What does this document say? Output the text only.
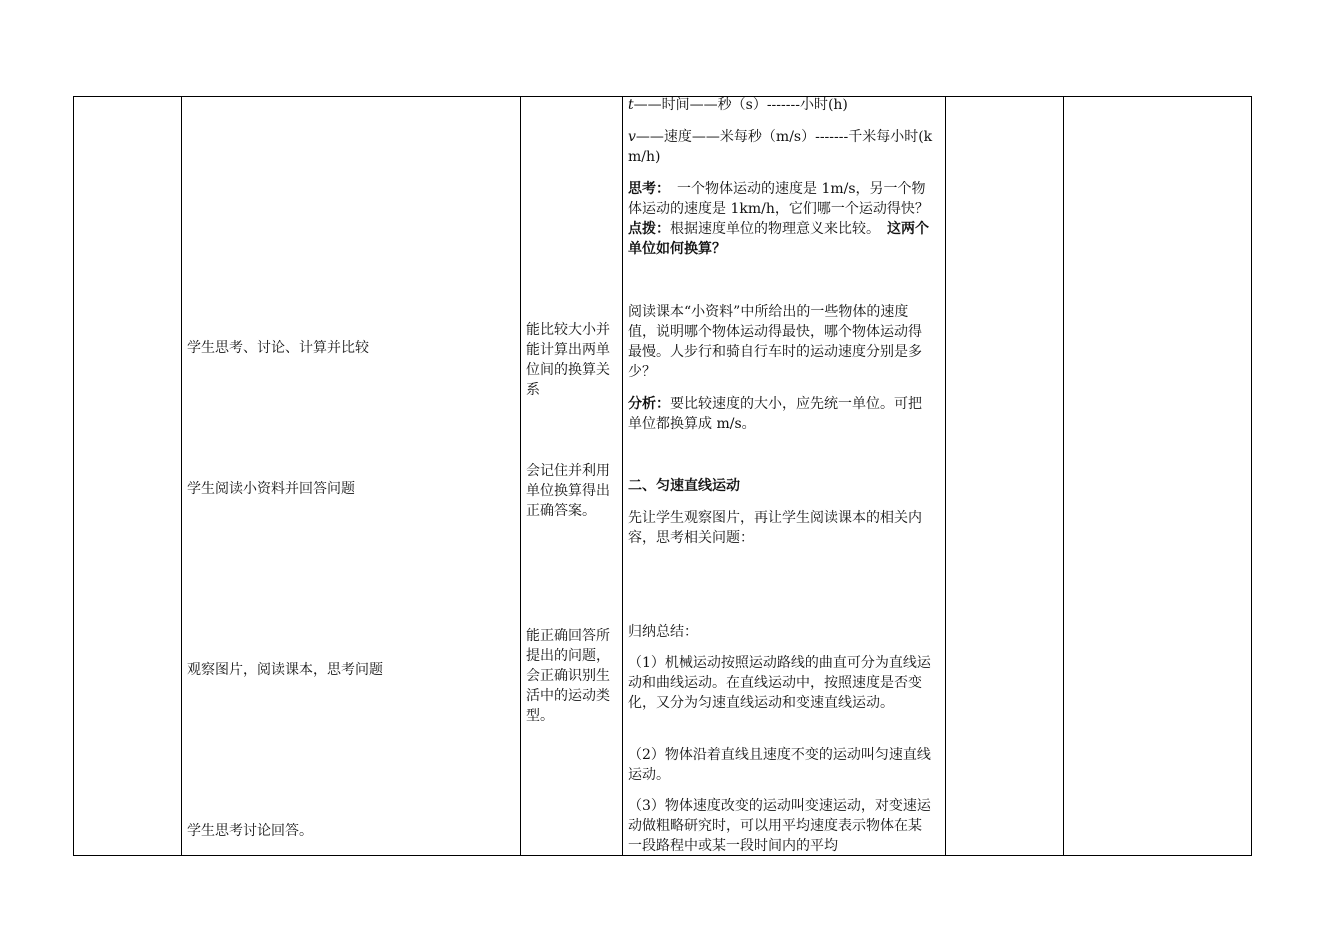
学生思考、讨论、计算并比较
学生阅读小资料并回答问题
观察图片，阅读课本，思考问题
学生思考讨论回答。
能比较大小并能计算出两单位间的换算关系
会记住并利用单位换算得出正确答案。
能正确回答所提出的问题，会正确识别生活中的运动类型。
t——时间——秒（s）-------小时(h)
v——速度——米每秒（m/s）-------千米每小时(km/h)
思考：　一个物体运动的速度是 1m/s，另一个物体运动的速度是 1km/h，它们哪一个运动得快？点拨：根据速度单位的物理意义来比较。　这两个单位如何换算？
阅读课本“小资料”中所给出的一些物体的速度值，说明哪个物体运动得最快，哪个物体运动得最慢。人步行和骑自行车时的运动速度分别是多少？
分析：要比较速度的大小，应先统一单位。可把单位都换算成 m/s。
二、匀速直线运动
先让学生观察图片，再让学生阅读课本的相关内容，思考相关问题：
归纳总结：
（1）机械运动按照运动路线的曲直可分为直线运动和曲线运动。在直线运动中，按照速度是否变化，又分为匀速直线运动和变速直线运动。
（2）物体沿着直线且速度不变的运动叫匀速直线运动。
（3）物体速度改变的运动叫变速运动，对变速运动做粗略研究时，可以用平均速度表示物体在某一段路程中或某一段时间内的平均
